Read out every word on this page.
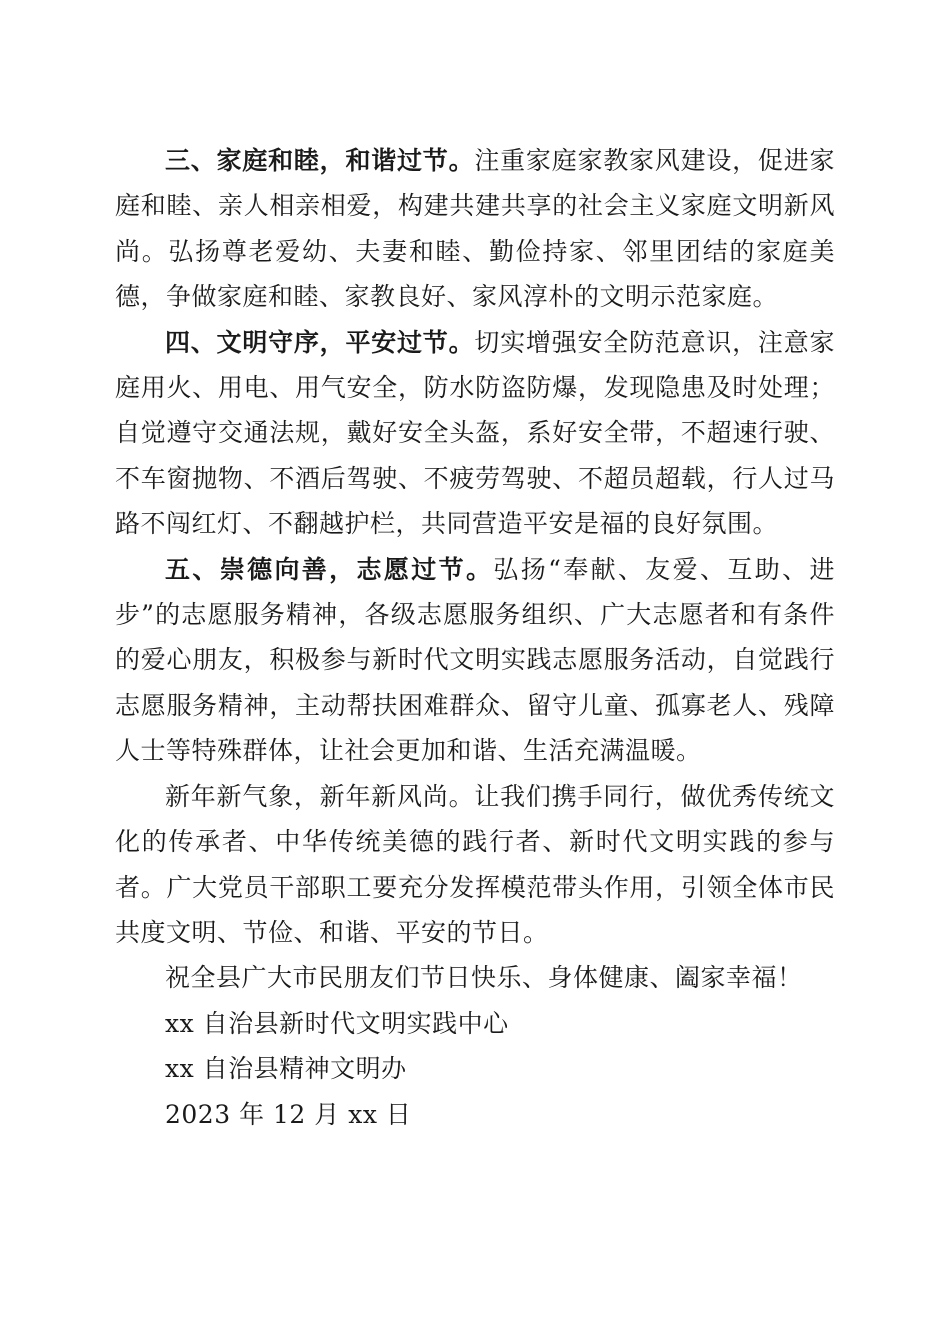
三、家庭和睦，和谐过节。注重家庭家教家风建设，促进家庭和睦、亲人相亲相爱，构建共建共享的社会主义家庭文明新风尚。弘扬尊老爱幼、夫妻和睦、勤俭持家、邻里团结的家庭美德，争做家庭和睦、家教良好、家风淳朴的文明示范家庭。

四、文明守序，平安过节。切实增强安全防范意识，注意家庭用火、用电、用气安全，防水防盗防爆，发现隐患及时处理；自觉遵守交通法规，戴好安全头盔，系好安全带，不超速行驶、不车窗抛物、不酒后驾驶、不疲劳驾驶、不超员超载，行人过马路不闯红灯、不翻越护栏，共同营造平安是福的良好氛围。

五、崇德向善，志愿过节。弘扬“奉献、友爱、互助、进步”的志愿服务精神，各级志愿服务组织、广大志愿者和有条件的爱心朋友，积极参与新时代文明实践志愿服务活动，自觉践行志愿服务精神，主动帮扶困难群众、留守儿童、孤寡老人、残障人士等特殊群体，让社会更加和谐、生活充满温暖。

新年新气象，新年新风尚。让我们携手同行，做优秀传统文化的传承者、中华传统美德的践行者、新时代文明实践的参与者。广大党员干部职工要充分发挥模范带头作用，引领全体市民共度文明、节俭、和谐、平安的节日。

祝全县广大市民朋友们节日快乐、身体健康、阖家幸福！

xx 自治县新时代文明实践中心

xx 自治县精神文明办

2023 年 12 月 xx 日
